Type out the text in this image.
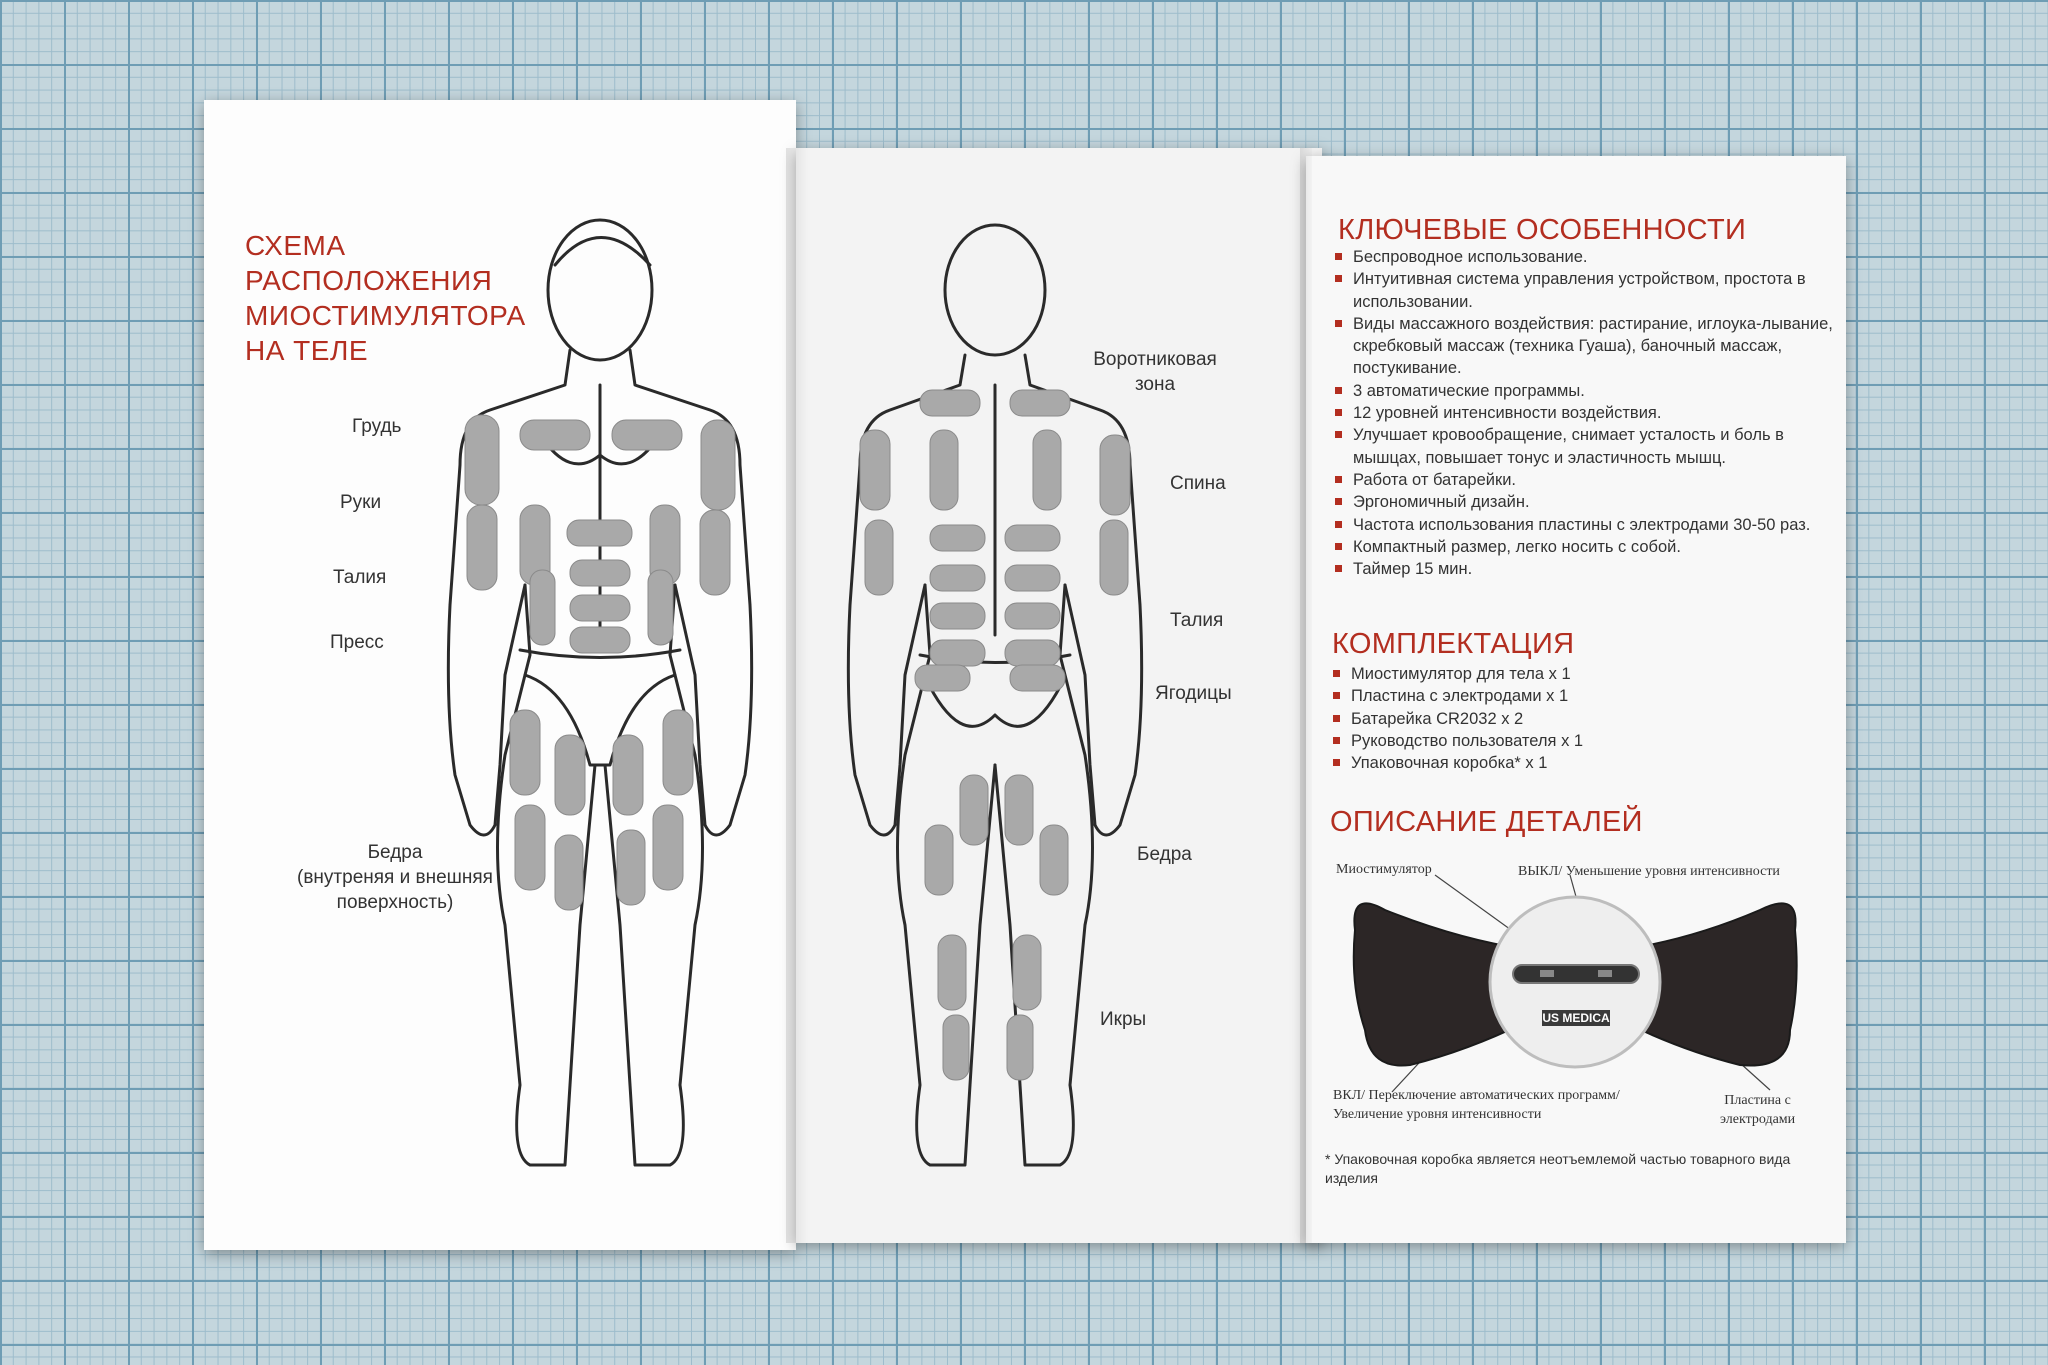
СХЕМА
РАСПОЛОЖЕНИЯ
МИОСТИМУЛЯТОРА
НА ТЕЛЕ
Грудь
Руки
Талия
Пресс
Бедра
(внутреняя и внешняя
поверхность)
Воротниковая
зона
Спина
Талия
Ягодицы
Бедра
Икры
КЛЮЧЕВЫЕ ОСОБЕННОСТИ
Беспроводное использование.
Интуитивная система управления устройством, простота в использовании.
Виды массажного воздействия: растирание, иглоука-лывание, скребковый массаж (техника Гуаша), баночный массаж, постукивание.
3 автоматические программы.
12 уровней интенсивности воздействия.
Улучшает кровообращение, снимает усталость и боль в мышцах, повышает тонус и эластичность мышц.
Работа от батарейки.
Эргономичный дизайн.
Частота использования пластины с электродами 30-50 раз.
Компактный размер, легко носить с собой.
Таймер 15 мин.
КОМПЛЕКТАЦИЯ
Миостимулятор для тела x 1
Пластина с электродами x 1
Батарейка CR2032 x 2
Руководство пользователя x 1
Упаковочная коробка* x 1
ОПИСАНИЕ ДЕТАЛЕЙ
Миостимулятор	ВЫКЛ/ Уменьшение уровня интенсивности
US MEDICA
ВКЛ/ Переключение автоматических программ/
Увеличение уровня интенсивности
Пластина с
электродами
* Упаковочная коробка является неотъемлемой частью товарного вида изделия
